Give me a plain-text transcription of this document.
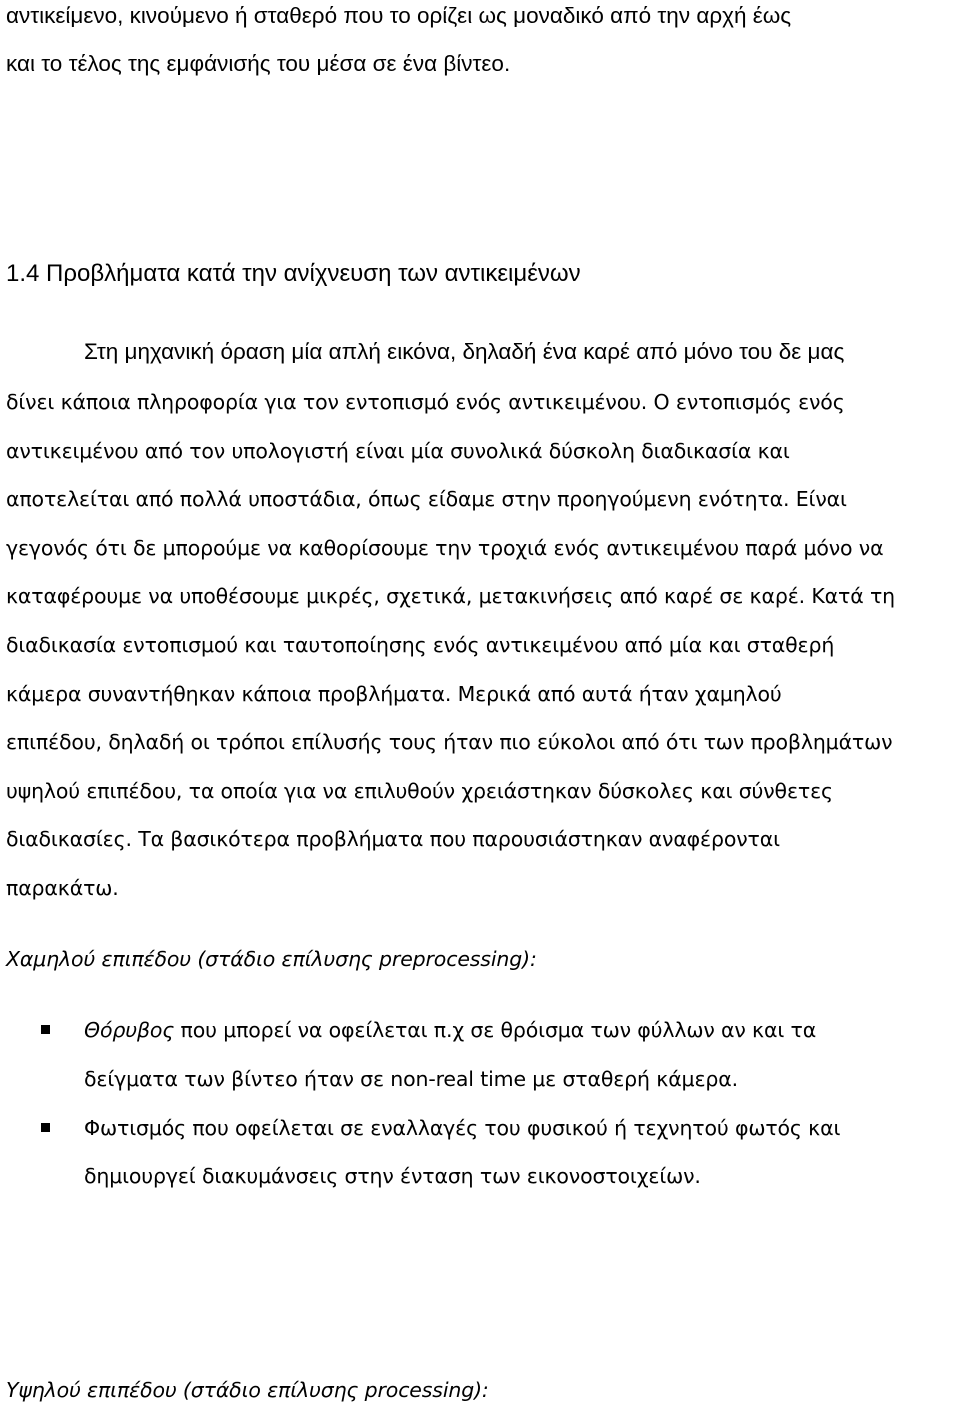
αντικείμενο, κινούμενο ή σταθερό που το ορίζει ως μοναδικό από την αρχή έως
και το τέλος της εμφάνισής του μέσα σε ένα βίντεο.
1.4 Προβλήματα κατά την ανίχνευση των αντικειμένων
Στη μηχανική όραση μία απλή εικόνα, δηλαδή ένα καρέ από μόνο του δε μας
δίνει κάποια πληροφορία για τον εντοπισμό ενός αντικειμένου. Ο εντοπισμός ενός
αντικειμένου από τον υπολογιστή είναι μία συνολικά δύσκολη διαδικασία και
αποτελείται από πολλά υποστάδια, όπως είδαμε στην προηγούμενη ενότητα. Είναι
γεγονός ότι δε μπορούμε να καθορίσουμε την τροχιά ενός αντικειμένου παρά μόνο να
καταφέρουμε να υποθέσουμε μικρές, σχετικά, μετακινήσεις από καρέ σε καρέ. Κατά τη
διαδικασία εντοπισμού και ταυτοποίησης ενός αντικειμένου από μία και σταθερή
κάμερα συναντήθηκαν κάποια προβλήματα. Μερικά από αυτά ήταν χαμηλού
επιπέδου, δηλαδή οι τρόποι επίλυσής τους ήταν πιο εύκολοι από ότι των προβλημάτων
υψηλού επιπέδου, τα οποία για να επιλυθούν χρειάστηκαν δύσκολες και σύνθετες
διαδικασίες. Τα βασικότερα προβλήματα που παρουσιάστηκαν αναφέρονται
παρακάτω.
Χαμηλού επιπέδου (στάδιο επίλυσης preprocessing):
Θόρυβος που μπορεί να οφείλεται π.χ σε θρόισμα των φύλλων αν και τα
δείγματα των βίντεο ήταν σε non-real time με σταθερή κάμερα.
Φωτισμός που οφείλεται σε εναλλαγές του φυσικού ή τεχνητού φωτός και
δημιουργεί διακυμάνσεις στην ένταση των εικονοστοιχείων.
Υψηλού επιπέδου (στάδιο επίλυσης processing):
